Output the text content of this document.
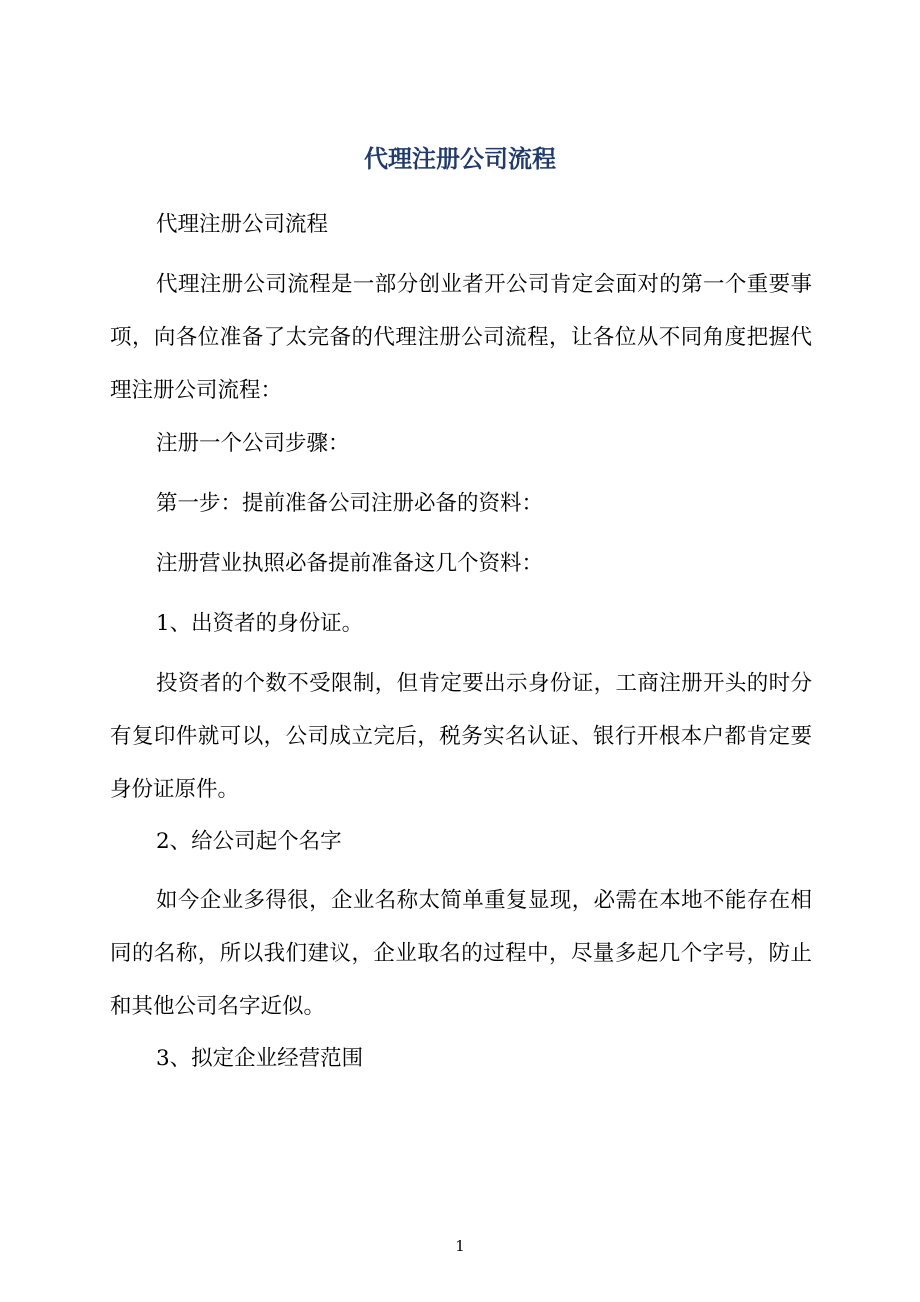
代理注册公司流程

代理注册公司流程

代理注册公司流程是一部分创业者开公司肯定会面对的第一个重要事项，向各位准备了太完备的代理注册公司流程，让各位从不同角度把握代理注册公司流程：

注册一个公司步骤：

第一步：提前准备公司注册必备的资料：

注册营业执照必备提前准备这几个资料：

1、出资者的身份证。

投资者的个数不受限制，但肯定要出示身份证，工商注册开头的时分有复印件就可以，公司成立完后，税务实名认证、银行开根本户都肯定要身份证原件。

2、给公司起个名字

如今企业多得很，企业名称太简单重复显现，必需在本地不能存在相同的名称，所以我们建议，企业取名的过程中，尽量多起几个字号，防止和其他公司名字近似。

3、拟定企业经营范围

1
